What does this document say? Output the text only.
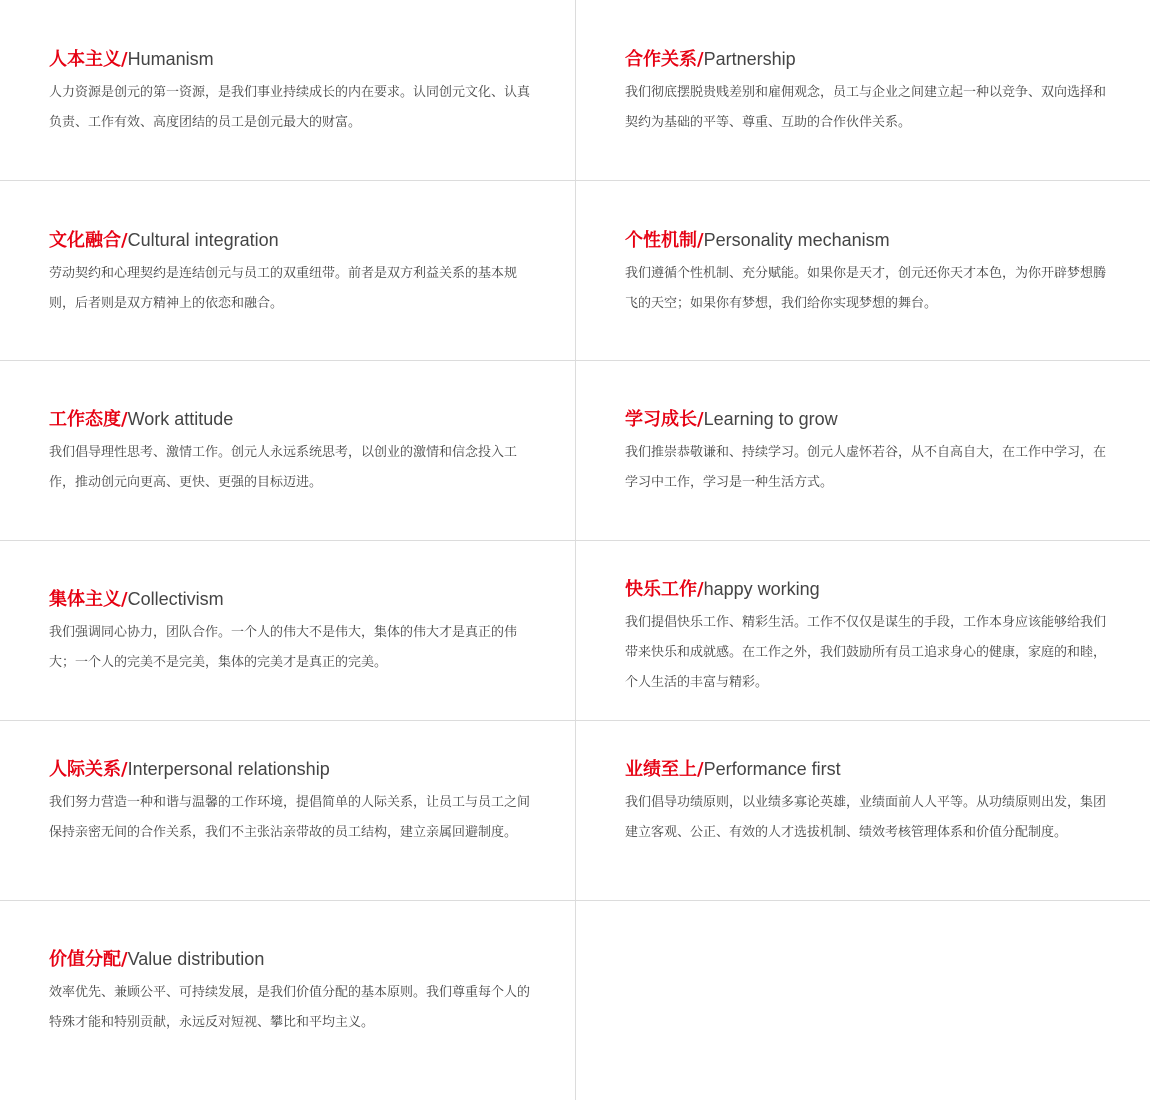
人本主义/Humanism

人力资源是创元的第一资源，是我们事业持续成长的内在要求。认同创元文化、认真负责、工作有效、高度团结的员工是创元最大的财富。

合作关系/Partnership

我们彻底摆脱贵贱差别和雇佣观念，员工与企业之间建立起一种以竞争、双向选择和契约为基础的平等、尊重、互助的合作伙伴关系。

文化融合/Cultural integration

劳动契约和心理契约是连结创元与员工的双重纽带。前者是双方利益关系的基本规则，后者则是双方精神上的依恋和融合。

个性机制/Personality mechanism

我们遵循个性机制、充分赋能。如果你是天才，创元还你天才本色，为你开辟梦想腾飞的天空；如果你有梦想，我们给你实现梦想的舞台。

工作态度/Work attitude

我们倡导理性思考、激情工作。创元人永远系统思考，以创业的激情和信念投入工作，推动创元向更高、更快、更强的目标迈进。

学习成长/Learning to grow

我们推崇恭敬谦和、持续学习。创元人虚怀若谷，从不自高自大，在工作中学习，在学习中工作，学习是一种生活方式。

集体主义/Collectivism

我们强调同心协力，团队合作。一个人的伟大不是伟大，集体的伟大才是真正的伟大；一个人的完美不是完美，集体的完美才是真正的完美。

快乐工作/happy working

我们提倡快乐工作、精彩生活。工作不仅仅是谋生的手段，工作本身应该能够给我们带来快乐和成就感。在工作之外，我们鼓励所有员工追求身心的健康，家庭的和睦，个人生活的丰富与精彩。

人际关系/Interpersonal relationship

我们努力营造一种和谐与温馨的工作环境，提倡简单的人际关系，让员工与员工之间保持亲密无间的合作关系，我们不主张沾亲带故的员工结构，建立亲属回避制度。

业绩至上/Performance first

我们倡导功绩原则，以业绩多寡论英雄，业绩面前人人平等。从功绩原则出发，集团建立客观、公正、有效的人才选拔机制、绩效考核管理体系和价值分配制度。

价值分配/Value distribution

效率优先、兼顾公平、可持续发展，是我们价值分配的基本原则。我们尊重每个人的特殊才能和特别贡献，永远反对短视、攀比和平均主义。
